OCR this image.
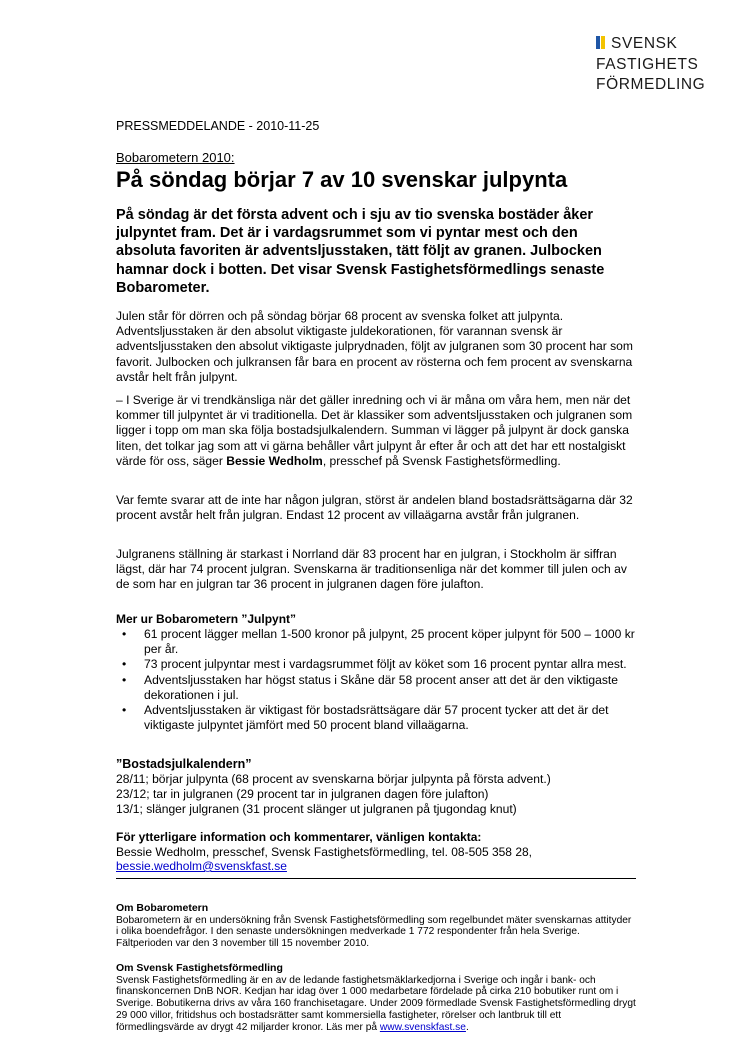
SVENSK
FASTIGHETS
FÖRMEDLING
PRESSMEDDELANDE - 2010-11-25
Bobarometern 2010:
På söndag börjar 7 av 10 svenskar julpynta

På söndag är det första advent och i sju av tio svenska bostäder åker julpyntet fram. Det är i vardagsrummet som vi pyntar mest och den absoluta favoriten är adventsljusstaken, tätt följt av granen. Julbocken hamnar dock i botten. Det visar Svensk Fastighetsförmedlings senaste Bobarometer.

Julen står för dörren och på söndag börjar 68 procent av svenska folket att julpynta. Adventsljusstaken är den absolut viktigaste juldekorationen, för varannan svensk är adventsljusstaken den absolut viktigaste julprydnaden, följt av julgranen som 30 procent har som favorit. Julbocken och julkransen får bara en procent av rösterna och fem procent av svenskarna avstår helt från julpynt.

– I Sverige är vi trendkänsliga när det gäller inredning och vi är måna om våra hem, men när det kommer till julpyntet är vi traditionella. Det är klassiker som adventsljusstaken och julgranen som ligger i topp om man ska följa bostadsjulkalendern. Summan vi lägger på julpynt är dock ganska liten, det tolkar jag som att vi gärna behåller vårt julpynt år efter år och att det har ett nostalgiskt värde för oss, säger Bessie Wedholm, presschef på Svensk Fastighetsförmedling.

Var femte svarar att de inte har någon julgran, störst är andelen bland bostadsrättsägarna där 32 procent avstår helt från julgran. Endast 12 procent av villaägarna avstår från julgranen.

Julgranens ställning är starkast i Norrland där 83 procent har en julgran, i Stockholm är siffran lägst, där har 74 procent julgran. Svenskarna är traditionsenliga när det kommer till julen och av de som har en julgran tar 36 procent in julgranen dagen före julafton.

Mer ur Bobarometern ”Julpynt”

• 61 procent lägger mellan 1-500 kronor på julpynt, 25 procent köper julpynt för 500 – 1000 kr per år.
• 73 procent julpyntar mest i vardagsrummet följt av köket som 16 procent pyntar allra mest.
• Adventsljusstaken har högst status i Skåne där 58 procent anser att det är den viktigaste dekorationen i jul.
• Adventsljusstaken är viktigast för bostadsrättsägare där 57 procent tycker att det är det viktigaste julpyntet jämfört med 50 procent bland villaägarna.

”Bostadsjulkalendern”

28/11; börjar julpynta (68 procent av svenskarna börjar julpynta på första advent.)

23/12; tar in julgranen (29 procent tar in julgranen dagen före julafton)

13/1; slänger julgranen (31 procent slänger ut julgranen på tjugondag knut)

För ytterligare information och kommentarer, vänligen kontakta:
Bessie Wedholm, presschef, Svensk Fastighetsförmedling, tel. 08-505 358 28,
bessie.wedholm@svenskfast.se
Om Bobarometern
Bobarometern är en undersökning från Svensk Fastighetsförmedling som regelbundet mäter svenskarnas attityder i olika boendefrågor. I den senaste undersökningen medverkade 1 772 respondenter från hela Sverige. Fältperioden var den 3 november till 15 november 2010.
Om Svensk Fastighetsförmedling
Svensk Fastighetsförmedling är en av de ledande fastighetsmäklarkedjorna i Sverige och ingår i bank- och finanskoncernen DnB NOR. Kedjan har idag över 1 000 medarbetare fördelade på cirka 210 bobutiker runt om i Sverige. Bobutikerna drivs av våra 160 franchisetagare. Under 2009 förmedlade Svensk Fastighetsförmedling drygt 29 000 villor, fritidshus och bostadsrätter samt kommersiella fastigheter, rörelser och lantbruk till ett förmedlingsvärde av drygt 42 miljarder kronor. Läs mer på www.svenskfast.se.
